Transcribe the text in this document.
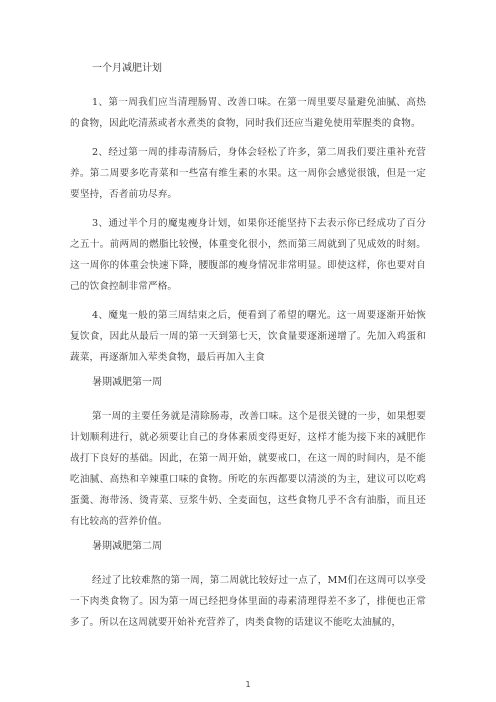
一个月减肥计划

1、第一周我们应当清理肠胃、改善口味。在第一周里要尽量避免油腻、高热的食物，因此吃清蒸或者水煮类的食物，同时我们还应当避免使用荤腥类的食物。

2、经过第一周的排毒清肠后，身体会轻松了许多，第二周我们要注重补充营养。第二周要多吃青菜和一些富有维生素的水果。这一周你会感觉很饿，但是一定要坚持，否者前功尽弃。

3、通过半个月的魔鬼瘦身计划，如果你还能坚持下去表示你已经成功了百分之五十。前两周的燃脂比较慢，体重变化很小，然而第三周就到了见成效的时刻。这一周你的体重会快速下降，腰腹部的瘦身情况非常明显。即使这样，你也要对自己的饮食控制非常严格。

4、魔鬼一般的第三周结束之后，便看到了希望的曙光。这一周要逐渐开始恢复饮食，因此从最后一周的第一天到第七天，饮食量要逐渐递增了。先加入鸡蛋和蔬菜，再逐渐加入荤类食物，最后再加入主食

暑期减肥第一周

第一周的主要任务就是清除肠毒，改善口味。这个是很关键的一步，如果想要计划顺利进行，就必须要让自己的身体素质变得更好，这样才能为接下来的减肥作战打下良好的基础。因此，在第一周开始，就要戒口，在这一周的时间内，是不能吃油腻、高热和辛辣重口味的食物。所吃的东西都要以清淡的为主，建议可以吃鸡蛋羹、海带汤、烫青菜、豆浆牛奶、全麦面包，这些食物几乎不含有油脂，而且还有比较高的营养价值。

暑期减肥第二周

经过了比较难熬的第一周，第二周就比较好过一点了，MM们在这周可以享受一下肉类食物了。因为第一周已经把身体里面的毒素清理得差不多了，排便也正常多了。所以在这周就要开始补充营养了，肉类食物的话建议不能吃太油腻的，

1
